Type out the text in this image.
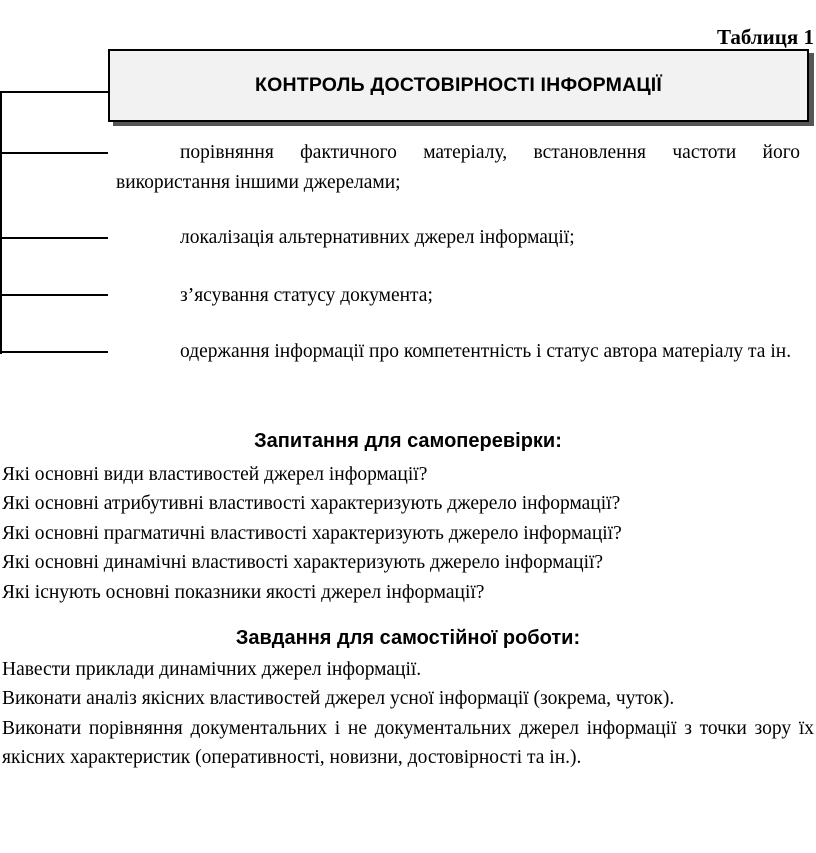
Таблиця 1
КОНТРОЛЬ ДОСТОВІРНОСТІ ІНФОРМАЦІЇ
порівняння фактичного матеріалу, встановлення частоти його використання іншими джерелами;
локалізація альтернативних джерел інформації;
з’ясування статусу документа;
одержання інформації про компетентність і статус автора матеріалу та ін.
Запитання для самоперевірки:
Які основні види властивостей джерел інформації?
Які основні атрибутивні властивості характеризують джерело інформації?
Які основні прагматичні властивості характеризують джерело інформації?
Які основні динамічні властивості характеризують джерело інформації?
Які існують основні показники якості джерел інформації?
Завдання для самостійної роботи:
Навести приклади динамічних джерел інформації.
Виконати аналіз якісних властивостей джерел усної інформації (зокрема, чуток).
Виконати порівняння документальних і не документальних джерел інформації з точки зору їх якісних характеристик (оперативності, новизни, достовірності та ін.).
